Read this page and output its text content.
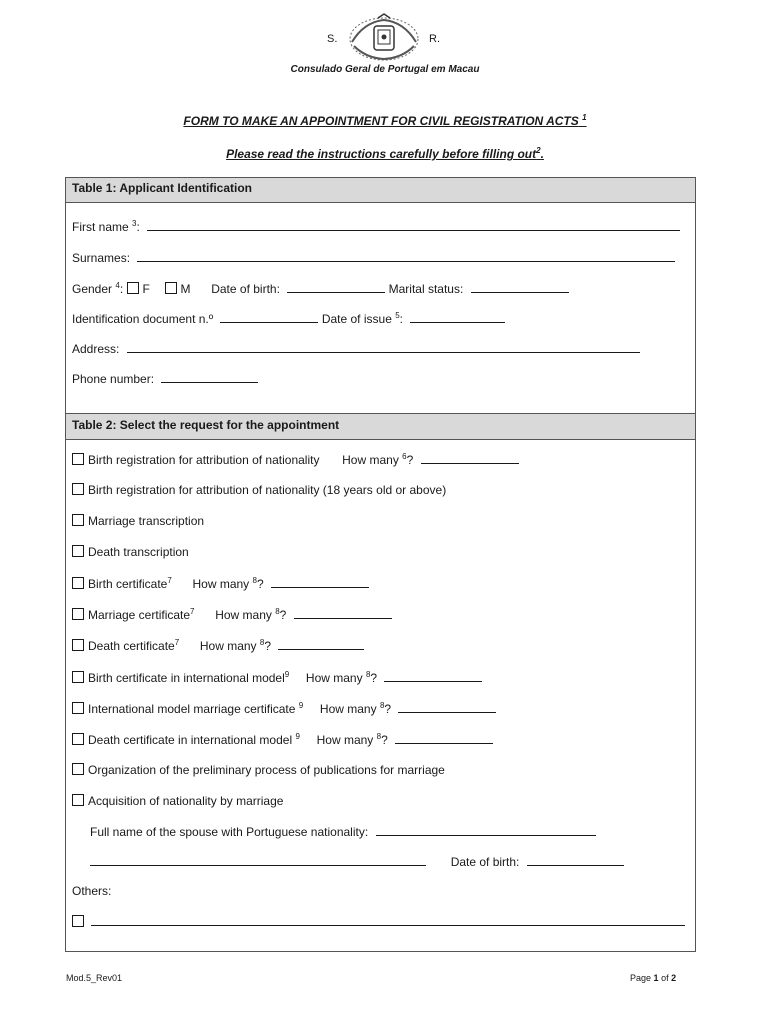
S.	R.
Consulado Geral de Portugal em Macau
FORM TO MAKE AN APPOINTMENT FOR CIVIL REGISTRATION ACTS $^1$
Please read the instructions carefully before filling out$^2$.
Table 1: Applicant Identification
First name $^3$:
Surnames:
Gender $^4$: F	M Date of birth:	Marital status:
Identification document n.º	Date of issue $^5$:
Address:
Phone number:
Table 2: Select the request for the appointment
Birth registration for attribution of nationality How many $^6$?
Birth registration for attribution of nationality (18 years old or above)
Marriage transcription
Death transcription
Birth certificate$^7$ How many $^8$?
Marriage certificate$^7$ How many $^8$?
Death certificate$^7$ How many $^8$?
Birth certificate in international model$^9$ How many $^8$?
International model marriage certificate $^9$ How many $^8$?
Death certificate in international model $^9$ How many $^8$?
Organization of the preliminary process of publications for marriage
Acquisition of nationality by marriage
Full name of the spouse with Portuguese nationality:
Date of birth:
Others:

Mod.5_Rev01	Page 1 of 2
